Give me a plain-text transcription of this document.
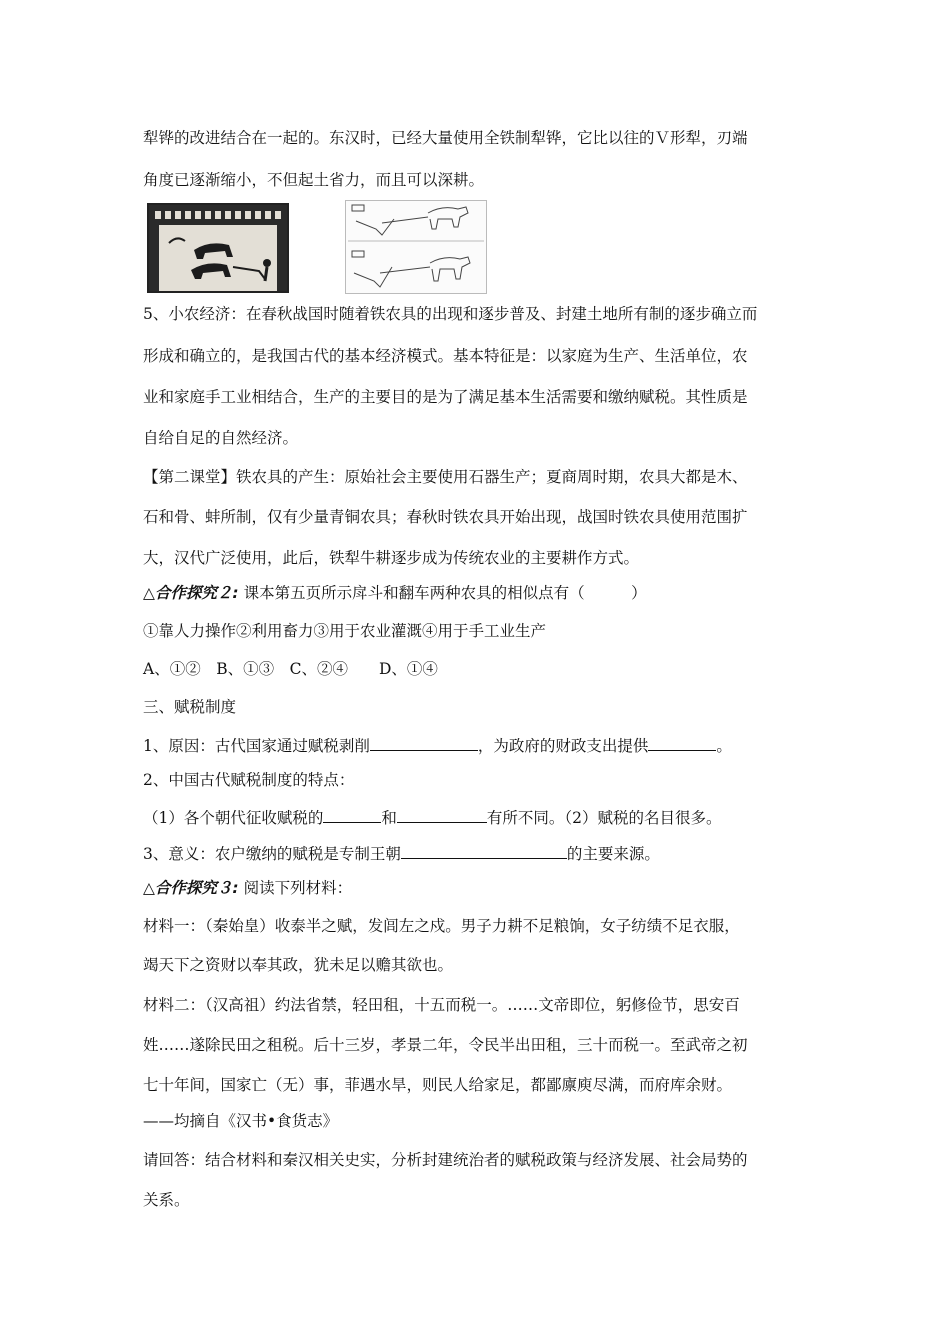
犁铧的改进结合在一起的。东汉时，已经大量使用全铁制犁铧，它比以往的Ｖ形犁，刃端
角度已逐渐缩小，不但起土省力，而且可以深耕。
5、小农经济：在春秋战国时随着铁农具的出现和逐步普及、封建土地所有制的逐步确立而
形成和确立的，是我国古代的基本经济模式。基本特征是：以家庭为生产、生活单位，农
业和家庭手工业相结合，生产的主要目的是为了满足基本生活需要和缴纳赋税。其性质是
自给自足的自然经济。
【第二课堂】铁农具的产生：原始社会主要使用石器生产；夏商周时期，农具大都是木、
石和骨、蚌所制，仅有少量青铜农具；春秋时铁农具开始出现，战国时铁农具使用范围扩
大，汉代广泛使用，此后，铁犁牛耕逐步成为传统农业的主要耕作方式。
△合作探究２: 课本第五页所示戽斗和翻车两种农具的相似点有（　　　）
①靠人力操作②利用畜力③用于农业灌溉④用于手工业生产
A、①②　B、①③　C、②④　　D、①④
三、赋税制度
1、原因：古代国家通过赋税剥削	，为政府的财政支出提供	。
2、中国古代赋税制度的特点：
（1）各个朝代征收赋税的	和	有所不同。（2）赋税的名目很多。
3、意义：农户缴纳的赋税是专制王朝	的主要来源。
△合作探究３: 阅读下列材料：
材料一：（秦始皇）收泰半之赋，发闾左之戍。男子力耕不足粮饷，女子纺绩不足衣服，
竭天下之资财以奉其政，犹未足以赡其欲也。
材料二：（汉高祖）约法省禁，轻田租，十五而税一。……文帝即位，躬修俭节，思安百
姓……遂除民田之租税。后十三岁，孝景二年，令民半出田租，三十而税一。至武帝之初
七十年间，国家亡（无）事，菲遇水旱，则民人给家足，都鄙廪庾尽满，而府库余财。
——均摘自《汉书•食货志》
请回答：结合材料和秦汉相关史实，分析封建统治者的赋税政策与经济发展、社会局势的
关系。
